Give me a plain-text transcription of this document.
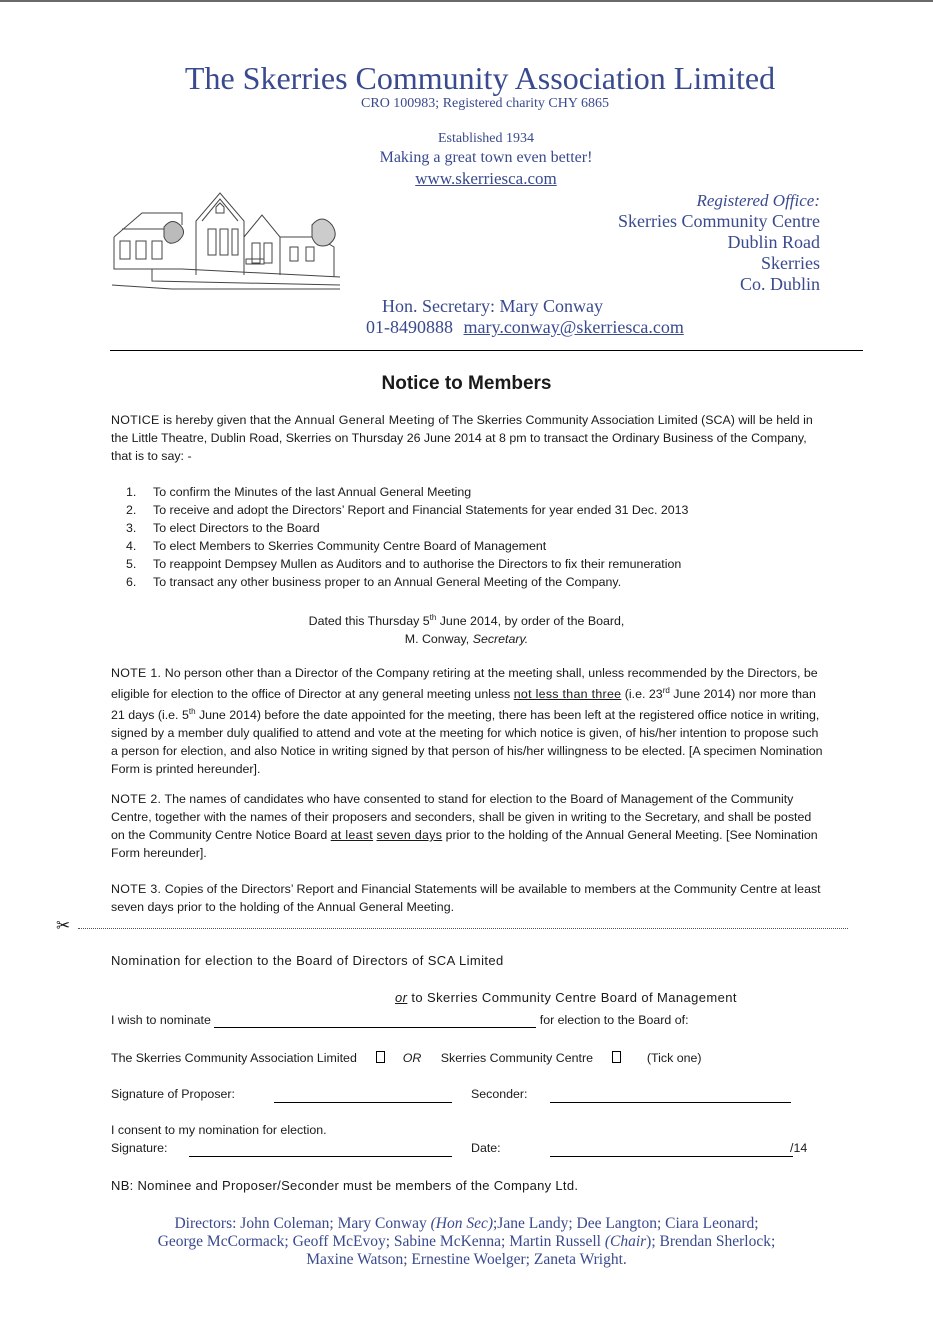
The Skerries Community Association Limited
CRO 100983; Registered charity CHY 6865
Established 1934
Making a great town even better!
www.skerriesca.com
Registered Office:
Skerries Community Centre
Dublin Road
Skerries
Co. Dublin
Hon. Secretary: Mary Conway
01-8490888 mary.conway@skerriesca.com
Notice to Members
NOTICE is hereby given that the Annual General Meeting of The Skerries Community Association Limited (SCA) will be held in the Little Theatre, Dublin Road, Skerries on Thursday 26 June 2014 at 8 pm to transact the Ordinary Business of the Company, that is to say: -
1.	To confirm the Minutes of the last Annual General Meeting
2.	To receive and adopt the Directors’ Report and Financial Statements for year ended 31 Dec. 2013
3.	To elect Directors to the Board
4.	To elect Members to Skerries Community Centre Board of Management
5.	To reappoint Dempsey Mullen as Auditors and to authorise the Directors to fix their remuneration
6.	To transact any other business proper to an Annual General Meeting of the Company.
Dated this Thursday 5th June 2014, by order of the Board,
M. Conway, Secretary.
NOTE 1. No person other than a Director of the Company retiring at the meeting shall, unless recommended by the Directors, be eligible for election to the office of Director at any general meeting unless not less than three (i.e. 23rd June 2014) nor more than 21 days (i.e. 5th June 2014) before the date appointed for the meeting, there has been left at the registered office notice in writing, signed by a member duly qualified to attend and vote at the meeting for which notice is given, of his/her intention to propose such a person for election, and also Notice in writing signed by that person of his/her willingness to be elected. [A specimen Nomination Form is printed hereunder].
NOTE 2. The names of candidates who have consented to stand for election to the Board of Management of the Community Centre, together with the names of their proposers and seconders, shall be given in writing to the Secretary, and shall be posted on the Community Centre Notice Board at least seven days prior to the holding of the Annual General Meeting. [See Nomination Form hereunder].
NOTE 3. Copies of the Directors’ Report and Financial Statements will be available to members at the Community Centre at least seven days prior to the holding of the Annual General Meeting.
✂
Nomination for election to the Board of Directors of SCA Limited
or to Skerries Community Centre Board of Management
I wish to nominate	for election to the Board of:
The Skerries Community Association Limited	OR Skerries Community Centre	(Tick one)
Signature of Proposer:	Seconder:
I consent to my nomination for election.
Signature:	Date:	/14
NB: Nominee and Proposer/Seconder must be members of the Company Ltd.
Directors: John Coleman; Mary Conway (Hon Sec);Jane Landy; Dee Langton; Ciara Leonard;
George McCormack; Geoff McEvoy; Sabine McKenna; Martin Russell (Chair); Brendan Sherlock;
Maxine Watson; Ernestine Woelger; Zaneta Wright.
